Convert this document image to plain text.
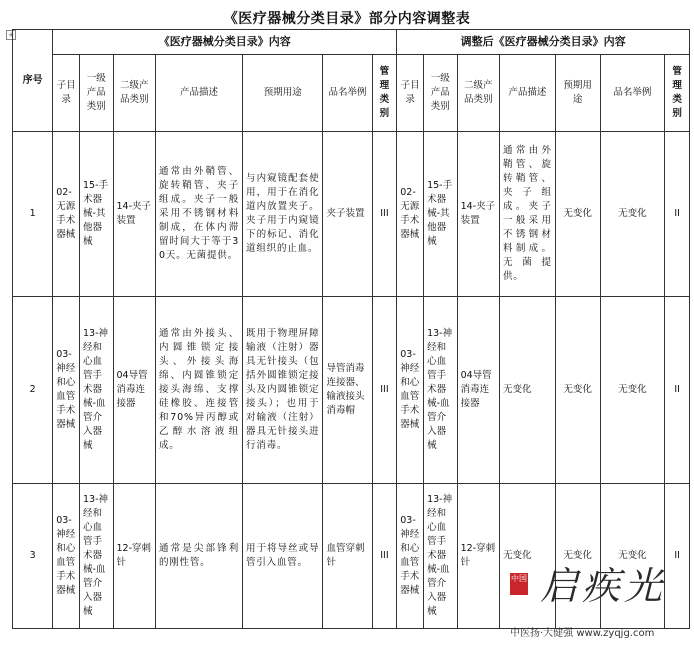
《医疗器械分类目录》部分内容调整表
+
序号	《医疗器械分类目录》内容							调整后《医疗器械分类目录》内容						
	子目录	一级产品类别	二级产品类别	产品描述	预期用途	品名举例	管理类别	子目录	一级产品类别	二级产品类别	产品描述	预期用途	品名举例	管理类别
1	02-无源手术器械	15-手术器械-其他器械	14-夹子装置	通常由外鞘管、旋转鞘管、夹子组成。夹子一般采用不锈钢材料制成，在体内滞留时间大于等于30天。无菌提供。	与内窥镜配套使用，用于在消化道内放置夹子。夹子用于内窥镜下的标记、消化道组织的止血。	夹子装置	III	02-无源手术器械	15-手术器械-其他器械	14-夹子装置	通常由外鞘管、旋转鞘管、夹子组成。夹子一般采用不锈钢材料制成。无菌提供。	无变化	无变化	II
2	03-神经和心血管手术器械	13-神经和心血管手术器械-血管介入器械	04导管消毒连接器	通常由外接头、内圆锥锁定接头、外接头海绵、内圆锥锁定接头海绵、支撑硅橡胶、连接管和70%异丙醇或乙醇水溶液组成。	既用于物理屏障输液（注射）器具无针接头（包括外圆锥锁定接头及内圆锥锁定接头）；也用于对输液（注射）器具无针接头进行消毒。	导管消毒连接器、输液接头消毒帽	III	03-神经和心血管手术器械	13-神经和心血管手术器械-血管介入器械	04导管消毒连接器	无变化	无变化	无变化	II
3	03-神经和心血管手术器械	13-神经和心血管手术器械-血管介入器械	12-穿刺针	通常是尖部锋利的刚性管。	用于将导丝或导管引入血管。	血管穿刺针	III	03-神经和心血管手术器械	13-神经和心血管手术器械-血管介入器械	12-穿刺针	无变化	无变化	无变化	II
中国 启疾光
中医扬·大健强 www.zyqjg.com
